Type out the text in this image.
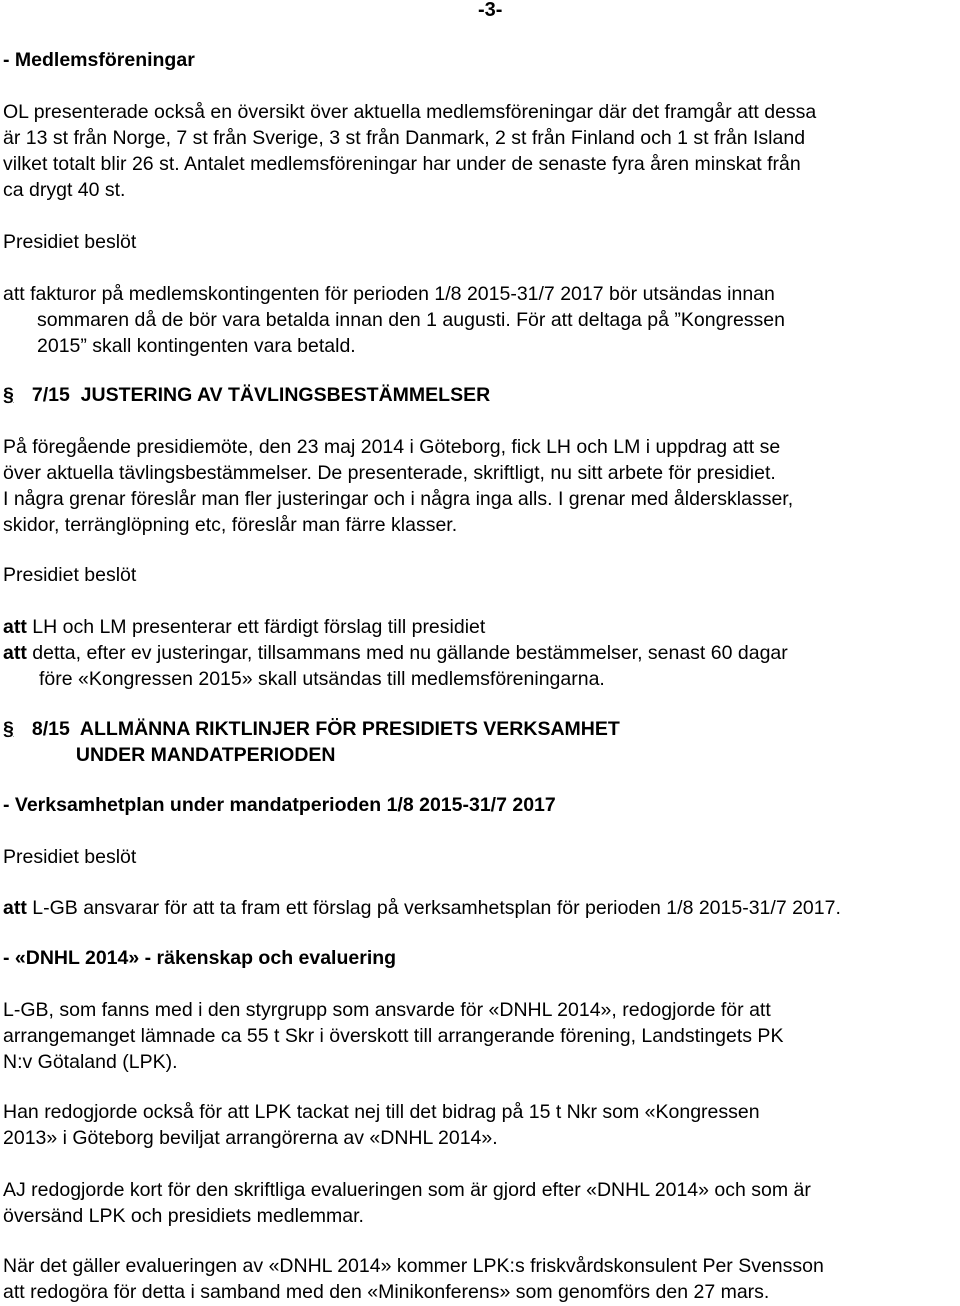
-3-

- Medlemsföreningar

OL presenterade också en översikt över aktuella medlemsföreningar där det framgår att dessa
är 13 st från Norge, 7 st från Sverige, 3 st från Danmark, 2 st från Finland och 1 st från Island
vilket totalt blir 26 st. Antalet medlemsföreningar har under de senaste fyra åren minskat från
ca drygt 40 st.

Presidiet beslöt

att fakturor på medlemskontingenten för perioden 1/8 2015-31/7 2017 bör utsändas innan
sommaren då de bör vara betalda innan den 1 augusti. För att deltaga på ”Kongressen
2015” skall kontingenten vara betald.
§ 7/15  JUSTERING AV TÄVLINGSBESTÄMMELSER
På föregående presidiemöte, den 23 maj 2014 i Göteborg, fick LH och LM i uppdrag att se
över aktuella tävlingsbestämmelser. De presenterade, skriftligt, nu sitt arbete för presidiet.
I några grenar föreslår man fler justeringar och i några inga alls. I grenar med åldersklasser,
skidor, terränglöpning etc, föreslår man färre klasser.

Presidiet beslöt

att LH och LM presenterar ett färdigt förslag till presidiet
att detta, efter ev justeringar, tillsammans med nu gällande bestämmelser, senast 60 dagar
före «Kongressen 2015» skall utsändas till medlemsföreningarna.
§ 8/15  ALLMÄNNA RIKTLINJER FÖR PRESIDIETS VERKSAMHET
UNDER MANDATPERIODEN

- Verksamhetplan under mandatperioden 1/8 2015-31/7 2017

Presidiet beslöt

att L-GB ansvarar för att ta fram ett förslag på verksamhetsplan för perioden 1/8 2015-31/7 2017.

- «DNHL 2014» - räkenskap och evaluering

L-GB, som fanns med i den styrgrupp som ansvarde för «DNHL 2014», redogjorde för att
arrangemanget lämnade ca 55 t Skr i överskott till arrangerande förening, Landstingets PK
N:v Götaland (LPK).
Han redogjorde också för att LPK tackat nej till det bidrag på 15 t Nkr som «Kongressen
2013» i Göteborg beviljat arrangörerna av «DNHL 2014».
AJ redogjorde kort för den skriftliga evalueringen som är gjord efter «DNHL 2014» och som är
översänd LPK och presidiets medlemmar.
När det gäller evalueringen av «DNHL 2014» kommer LPK:s friskvårdskonsulent Per Svensson
att redogöra för detta i samband med den «Minikonferens» som genomförs den 27 mars.
